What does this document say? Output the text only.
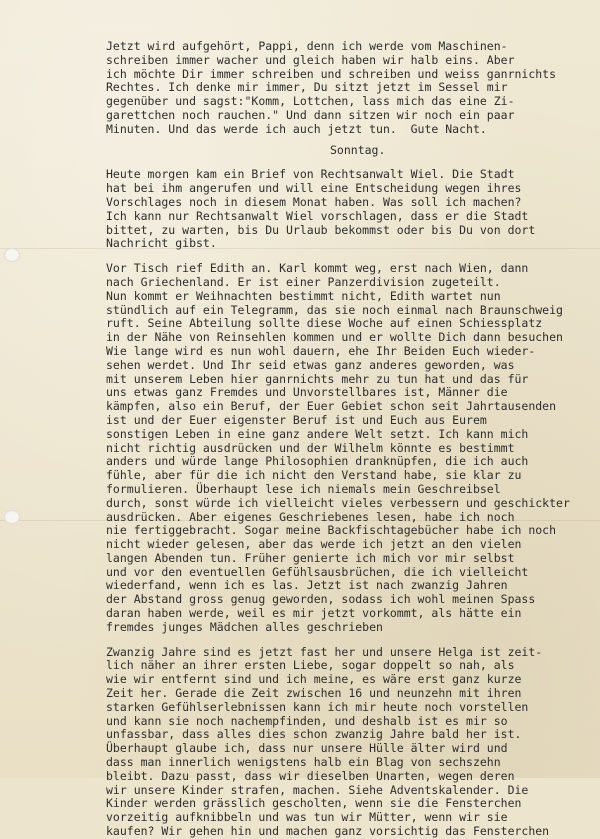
Jetzt wird aufgehört, Pappi, denn ich werde vom Maschinen-
schreiben immer wacher und gleich haben wir halb eins. Aber
ich möchte Dir immer schreiben und schreiben und weiss ganrnichts
Rechtes. Ich denke mir immer, Du sitzt jetzt im Sessel mir
gegenüber und sagst:"Komm, Lottchen, lass mich das eine Zi-
garettchen noch rauchen." Und dann sitzen wir noch ein paar
Minuten. Und das werde ich auch jetzt tun.  Gute Nacht.
Sonntag.
Heute morgen kam ein Brief von Rechtsanwalt Wiel. Die Stadt
hat bei ihm angerufen und will eine Entscheidung wegen ihres
Vorschlages noch in diesem Monat haben. Was soll ich machen?
Ich kann nur Rechtsanwalt Wiel vorschlagen, dass er die Stadt
bittet, zu warten, bis Du Urlaub bekommst oder bis Du von dort
Nachricht gibst.
Vor Tisch rief Edith an. Karl kommt weg, erst nach Wien, dann
nach Griechenland. Er ist einer Panzerdivision zugeteilt.
Nun kommt er Weihnachten bestimmt nicht, Edith wartet nun
stündlich auf ein Telegramm, das sie noch einmal nach Braunschweig
ruft. Seine Abteilung sollte diese Woche auf einen Schiessplatz
in der Nähe von Reinsehlen kommen und er wollte Dich dann besuchen
Wie lange wird es nun wohl dauern, ehe Ihr Beiden Euch wieder-
sehen werdet. Und Ihr seid etwas ganz anderes geworden, was
mit unserem Leben hier ganrnichts mehr zu tun hat und das für
uns etwas ganz Fremdes und Unvorstellbares ist, Männer die
kämpfen, also ein Beruf, der Euer Gebiet schon seit Jahrtausenden
ist und der Euer eigenster Beruf ist und Euch aus Eurem
sonstigen Leben in eine ganz andere Welt setzt. Ich kann mich
nicht richtig ausdrücken und der Wilhelm könnte es bestimmt
anders und würde lange Philosophien dranknüpfen, die ich auch
fühle, aber für die ich nicht den Verstand habe, sie klar zu
formulieren. Überhaupt lese ich niemals mein Geschreibsel
durch, sonst würde ich vielleicht vieles verbessern und geschickter
ausdrücken. Aber eigenes Geschriebenes lesen, habe ich noch
nie fertiggebracht. Sogar meine Backfischtagebücher habe ich noch
nicht wieder gelesen, aber das werde ich jetzt an den vielen
langen Abenden tun. Früher genierte ich mich vor mir selbst
und vor den eventuellen Gefühlsausbrüchen, die ich vielleicht
wiederfand, wenn ich es las. Jetzt ist nach zwanzig Jahren
der Abstand gross genug geworden, sodass ich wohl meinen Spass
daran haben werde, weil es mir jetzt vorkommt, als hätte ein
fremdes junges Mädchen alles geschrieben
Zwanzig Jahre sind es jetzt fast her und unsere Helga ist zeit-
lich näher an ihrer ersten Liebe, sogar doppelt so nah, als
wie wir entfernt sind und ich meine, es wäre erst ganz kurze
Zeit her. Gerade die Zeit zwischen 16 und neunzehn mit ihren
starken Gefühlserlebnissen kann ich mir heute noch vorstellen
und kann sie noch nachempfinden, und deshalb ist es mir so
unfassbar, dass alles dies schon zwanzig Jahre bald her ist.
Überhaupt glaube ich, dass nur unsere Hülle älter wird und
dass man innerlich wenigstens halb ein Blag von sechszehn
bleibt. Dazu passt, dass wir dieselben Unarten, wegen deren
wir unsere Kinder strafen, machen. Siehe Adventskalender. Die
Kinder werden grässlich gescholten, wenn sie die Fensterchen
vorzeitig aufknibbeln und was tun wir Mütter, wenn wir sie
kaufen? Wir gehen hin und machen ganz vorsichtig das Fensterchen
